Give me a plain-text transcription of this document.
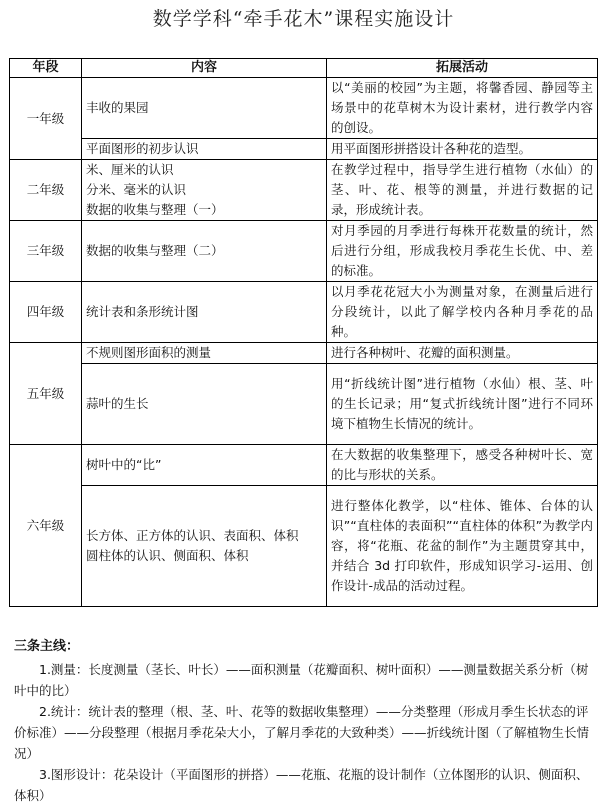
数学学科“牵手花木”课程实施设计
年段	内容	拓展活动
一年级	丰收的果园	以“美丽的校园”为主题，将馨香园、静园等主场景中的花草树木为设计素材，进行教学内容的创设。

	平面图形的初步认识	用平面图形拼搭设计各种花的造型。
二年级	米、厘米的认识
分米、毫米的认识
数据的收集与整理（一）	在教学过程中，指导学生进行植物（水仙）的茎、叶、花、根等的测量，并进行数据的记录，形成统计表。
三年级	数据的收集与整理（二）	对月季园的月季进行每株开花数量的统计，然后进行分组，形成我校月季花生长优、中、差的标准。
四年级	统计表和条形统计图	以月季花花冠大小为测量对象，在测量后进行分段统计，以此了解学校内各种月季花的品种。
五年级	不规则图形面积的测量	进行各种树叶、花瓣的面积测量。

	蒜叶的生长	用“折线统计图”进行植物（水仙）根、茎、叶的生长记录；用“复式折线统计图”进行不同环境下植物生长情况的统计。
六年级	树叶中的“比”	在大数据的收集整理下，感受各种树叶长、宽的比与形状的关系。

	长方体、正方体的认识、表面积、体积
圆柱体的认识、侧面积、体积	进行整体化教学，以“柱体、锥体、台体的认识”“直柱体的表面积”“直柱体的体积”为教学内容，将“花瓶、花盆的制作”为主题贯穿其中，并结合 3d 打印软件，形成知识学习-运用、创作设计-成品的活动过程。
三条主线：

1.测量：长度测量（茎长、叶长）——面积测量（花瓣面积、树叶面积）——测量数据关系分析（树叶中的比）

2.统计：统计表的整理（根、茎、叶、花等的数据收集整理）——分类整理（形成月季生长状态的评价标准）——分段整理（根据月季花朵大小，了解月季花的大致种类）——折线统计图（了解植物生长情况）

3.图形设计：花朵设计（平面图形的拼搭）——花瓶、花瓶的设计制作（立体图形的认识、侧面积、体积）
